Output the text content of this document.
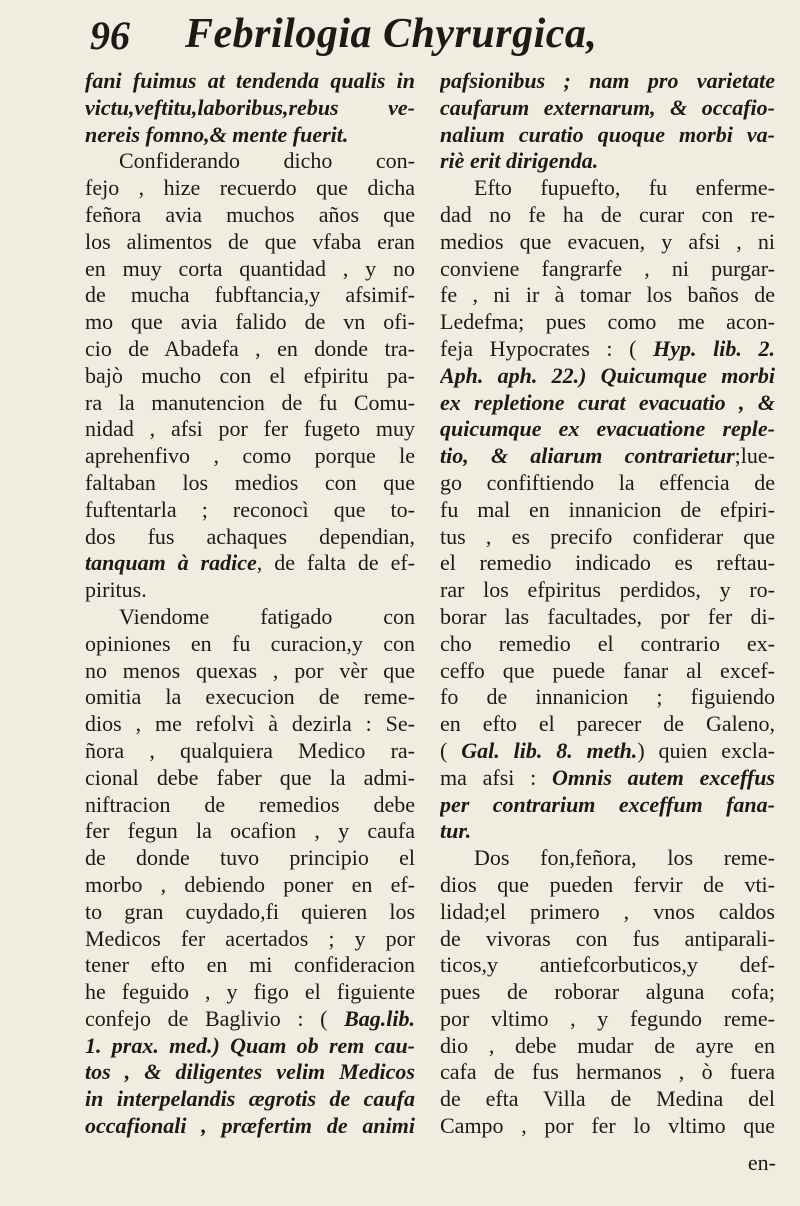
96 Febrilogia Chyrurgica,
fani fuimus at tendenda qualis in
victu,veftitu,laboribus,rebus ve-
nereis fomno,& mente fuerit.
Confiderando dicho con-
fejo , hize recuerdo que dicha
feñora avia muchos años que
los alimentos de que vfaba eran
en muy corta quantidad , y no
de mucha fubftancia,y afsimif-
mo que avia falido de vn ofi-
cio de Abadefa , en donde tra-
bajò mucho con el efpiritu pa-
ra la manutencion de fu Comu-
nidad , afsi por fer fugeto muy
aprehenfivo , como porque le
faltaban los medios con que
fuftentarla ; reconocì que to-
dos fus achaques dependian,
tanquam à radice, de falta de ef-
piritus.
Viendome fatigado con
opiniones en fu curacion,y con
no menos quexas , por vèr que
omitia la execucion de reme-
dios , me refolvì à dezirla : Se-
ñora , qualquiera Medico ra-
cional debe faber que la admi-
niftracion de remedios debe
fer fegun la ocafion , y caufa
de donde tuvo principio el
morbo , debiendo poner en ef-
to gran cuydado,fi quieren los
Medicos fer acertados ; y por
tener efto en mi confideracion
he feguido , y figo el figuiente
confejo de Baglivio : ( Bag.lib.
1. prax. med.) Quam ob rem cau-
tos , & diligentes velim Medicos
in interpelandis ægrotis de caufa
occafionali , præfertim de animi
pafsionibus ; nam pro varietate
caufarum externarum, & occafio-
nalium curatio quoque morbi va-
riè erit dirigenda.
Efto fupuefto, fu enferme-
dad no fe ha de curar con re-
medios que evacuen, y afsi , ni
conviene fangrarfe , ni purgar-
fe , ni ir à tomar los baños de
Ledefma; pues como me acon-
feja Hypocrates : ( Hyp. lib. 2.
Aph. aph. 22.) Quicumque morbi
ex repletione curat evacuatio , &
quicumque ex evacuatione reple-
tio, & aliarum contrarietur;lue-
go confiftiendo la effencia de
fu mal en innanicion de efpiri-
tus , es precifo confiderar que
el remedio indicado es reftau-
rar los efpiritus perdidos, y ro-
borar las facultades, por fer di-
cho remedio el contrario ex-
ceffo que puede fanar al excef-
fo de innanicion ; figuiendo
en efto el parecer de Galeno,
( Gal. lib. 8. meth.) quien excla-
ma afsi : Omnis autem exceffus
per contrarium exceffum fana-
tur.
Dos fon,feñora, los reme-
dios que pueden fervir de vti-
lidad;el primero , vnos caldos
de vivoras con fus antiparali-
ticos,y antiefcorbuticos,y def-
pues de roborar alguna cofa;
por vltimo , y fegundo reme-
dio , debe mudar de ayre en
cafa de fus hermanos , ò fuera
de efta Villa de Medina del
Campo , por fer lo vltimo que
en-
